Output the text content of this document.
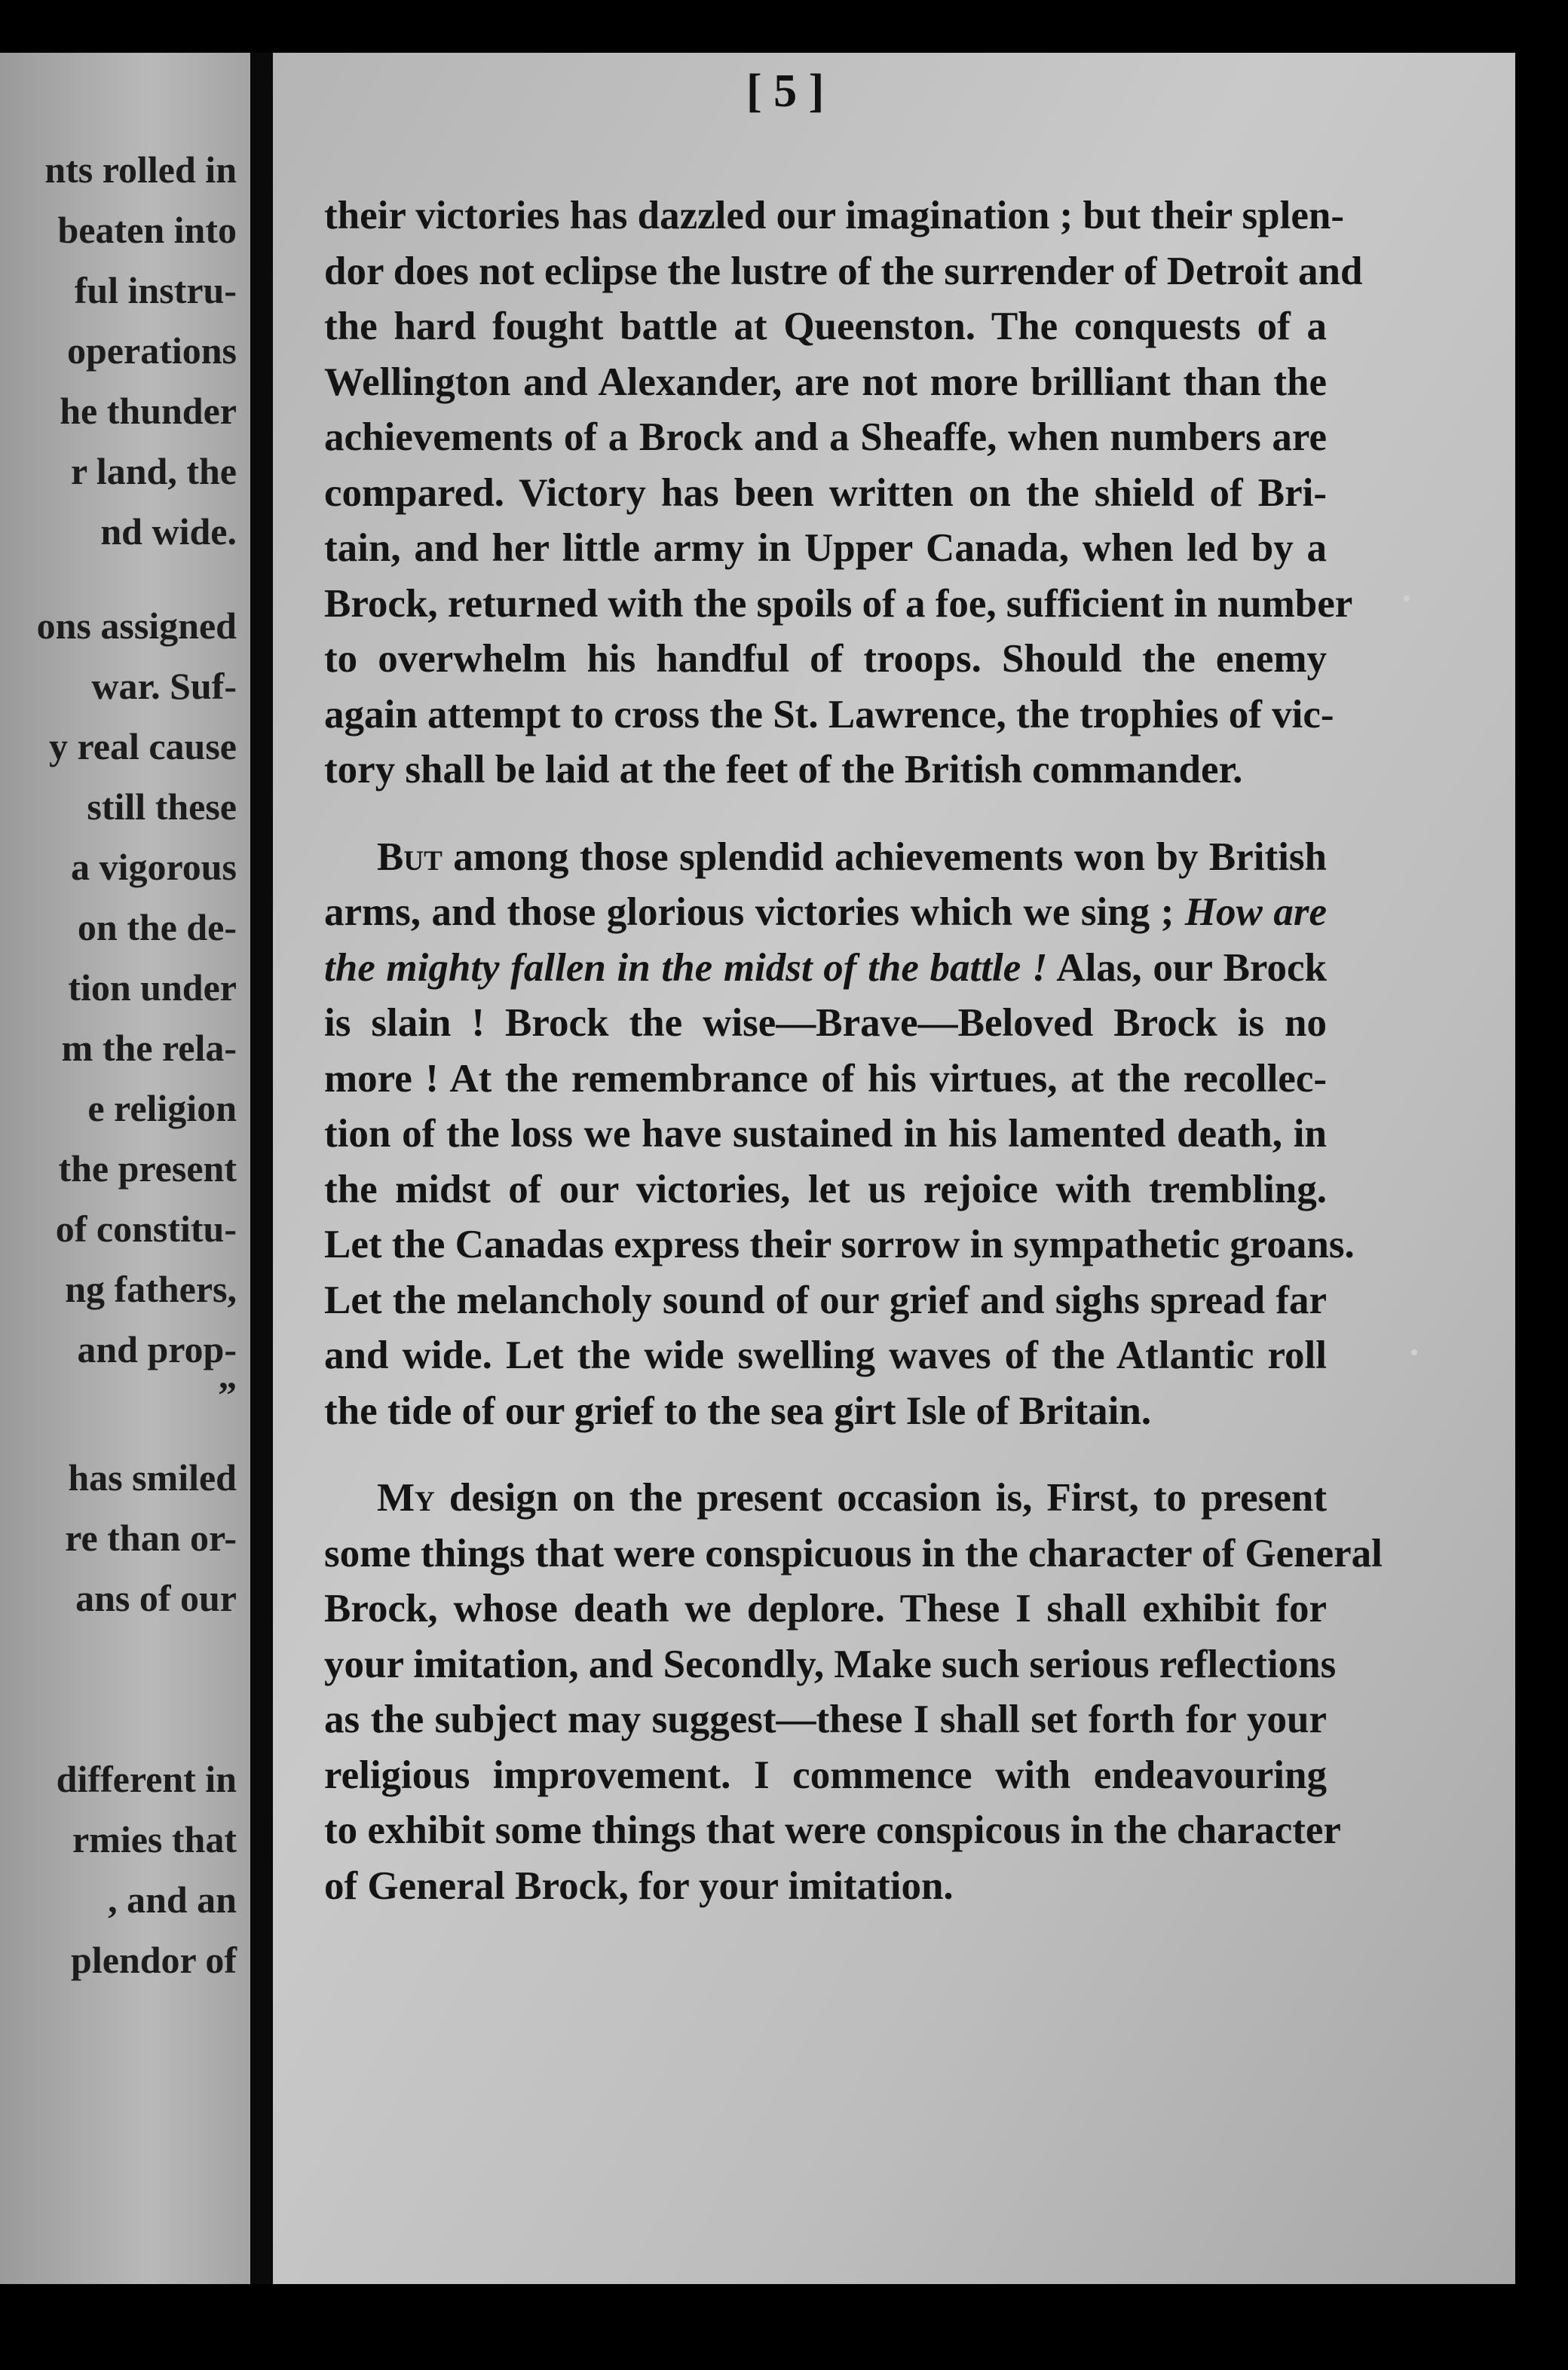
nts rolled in
beaten into
ful instru-
operations
he thunder
r land, the
nd wide.
ons assigned
war. Suf-
y real cause
still these
a vigorous
on the de-
tion under
m the rela-
e religion
the present
of constitu-
ng fathers,
and prop-
”
has smiled
re than or-
ans of our
different in
rmies that
, and an
plendor of
[ 5 ]

their victories has dazzled our imagination ; but their splen-
dor does not eclipse the lustre of the surrender of Detroit and
the hard fought battle at Queenston. The conquests of a
Wellington and Alexander, are not more brilliant than the
achievements of a Brock and a Sheaffe, when numbers are
compared. Victory has been written on the shield of Bri-
tain, and her little army in Upper Canada, when led by a
Brock, returned with the spoils of a foe, sufficient in number
to overwhelm his handful of troops. Should the enemy
again attempt to cross the St. Lawrence, the trophies of vic-
tory shall be laid at the feet of the British commander.

But among those splendid achievements won by British
arms, and those glorious victories which we sing ; How are
the mighty fallen in the midst of the battle ! Alas, our Brock
is slain ! Brock the wise—Brave—Beloved Brock is no
more ! At the remembrance of his virtues, at the recollec-
tion of the loss we have sustained in his lamented death, in
the midst of our victories, let us rejoice with trembling.
Let the Canadas express their sorrow in sympathetic groans.
Let the melancholy sound of our grief and sighs spread far
and wide. Let the wide swelling waves of the Atlantic roll
the tide of our grief to the sea girt Isle of Britain.

My design on the present occasion is, First, to present
some things that were conspicuous in the character of General
Brock, whose death we deplore. These I shall exhibit for
your imitation, and Secondly, Make such serious reflections
as the subject may suggest—these I shall set forth for your
religious improvement. I commence with endeavouring
to exhibit some things that were conspicous in the character
of General Brock, for your imitation.
